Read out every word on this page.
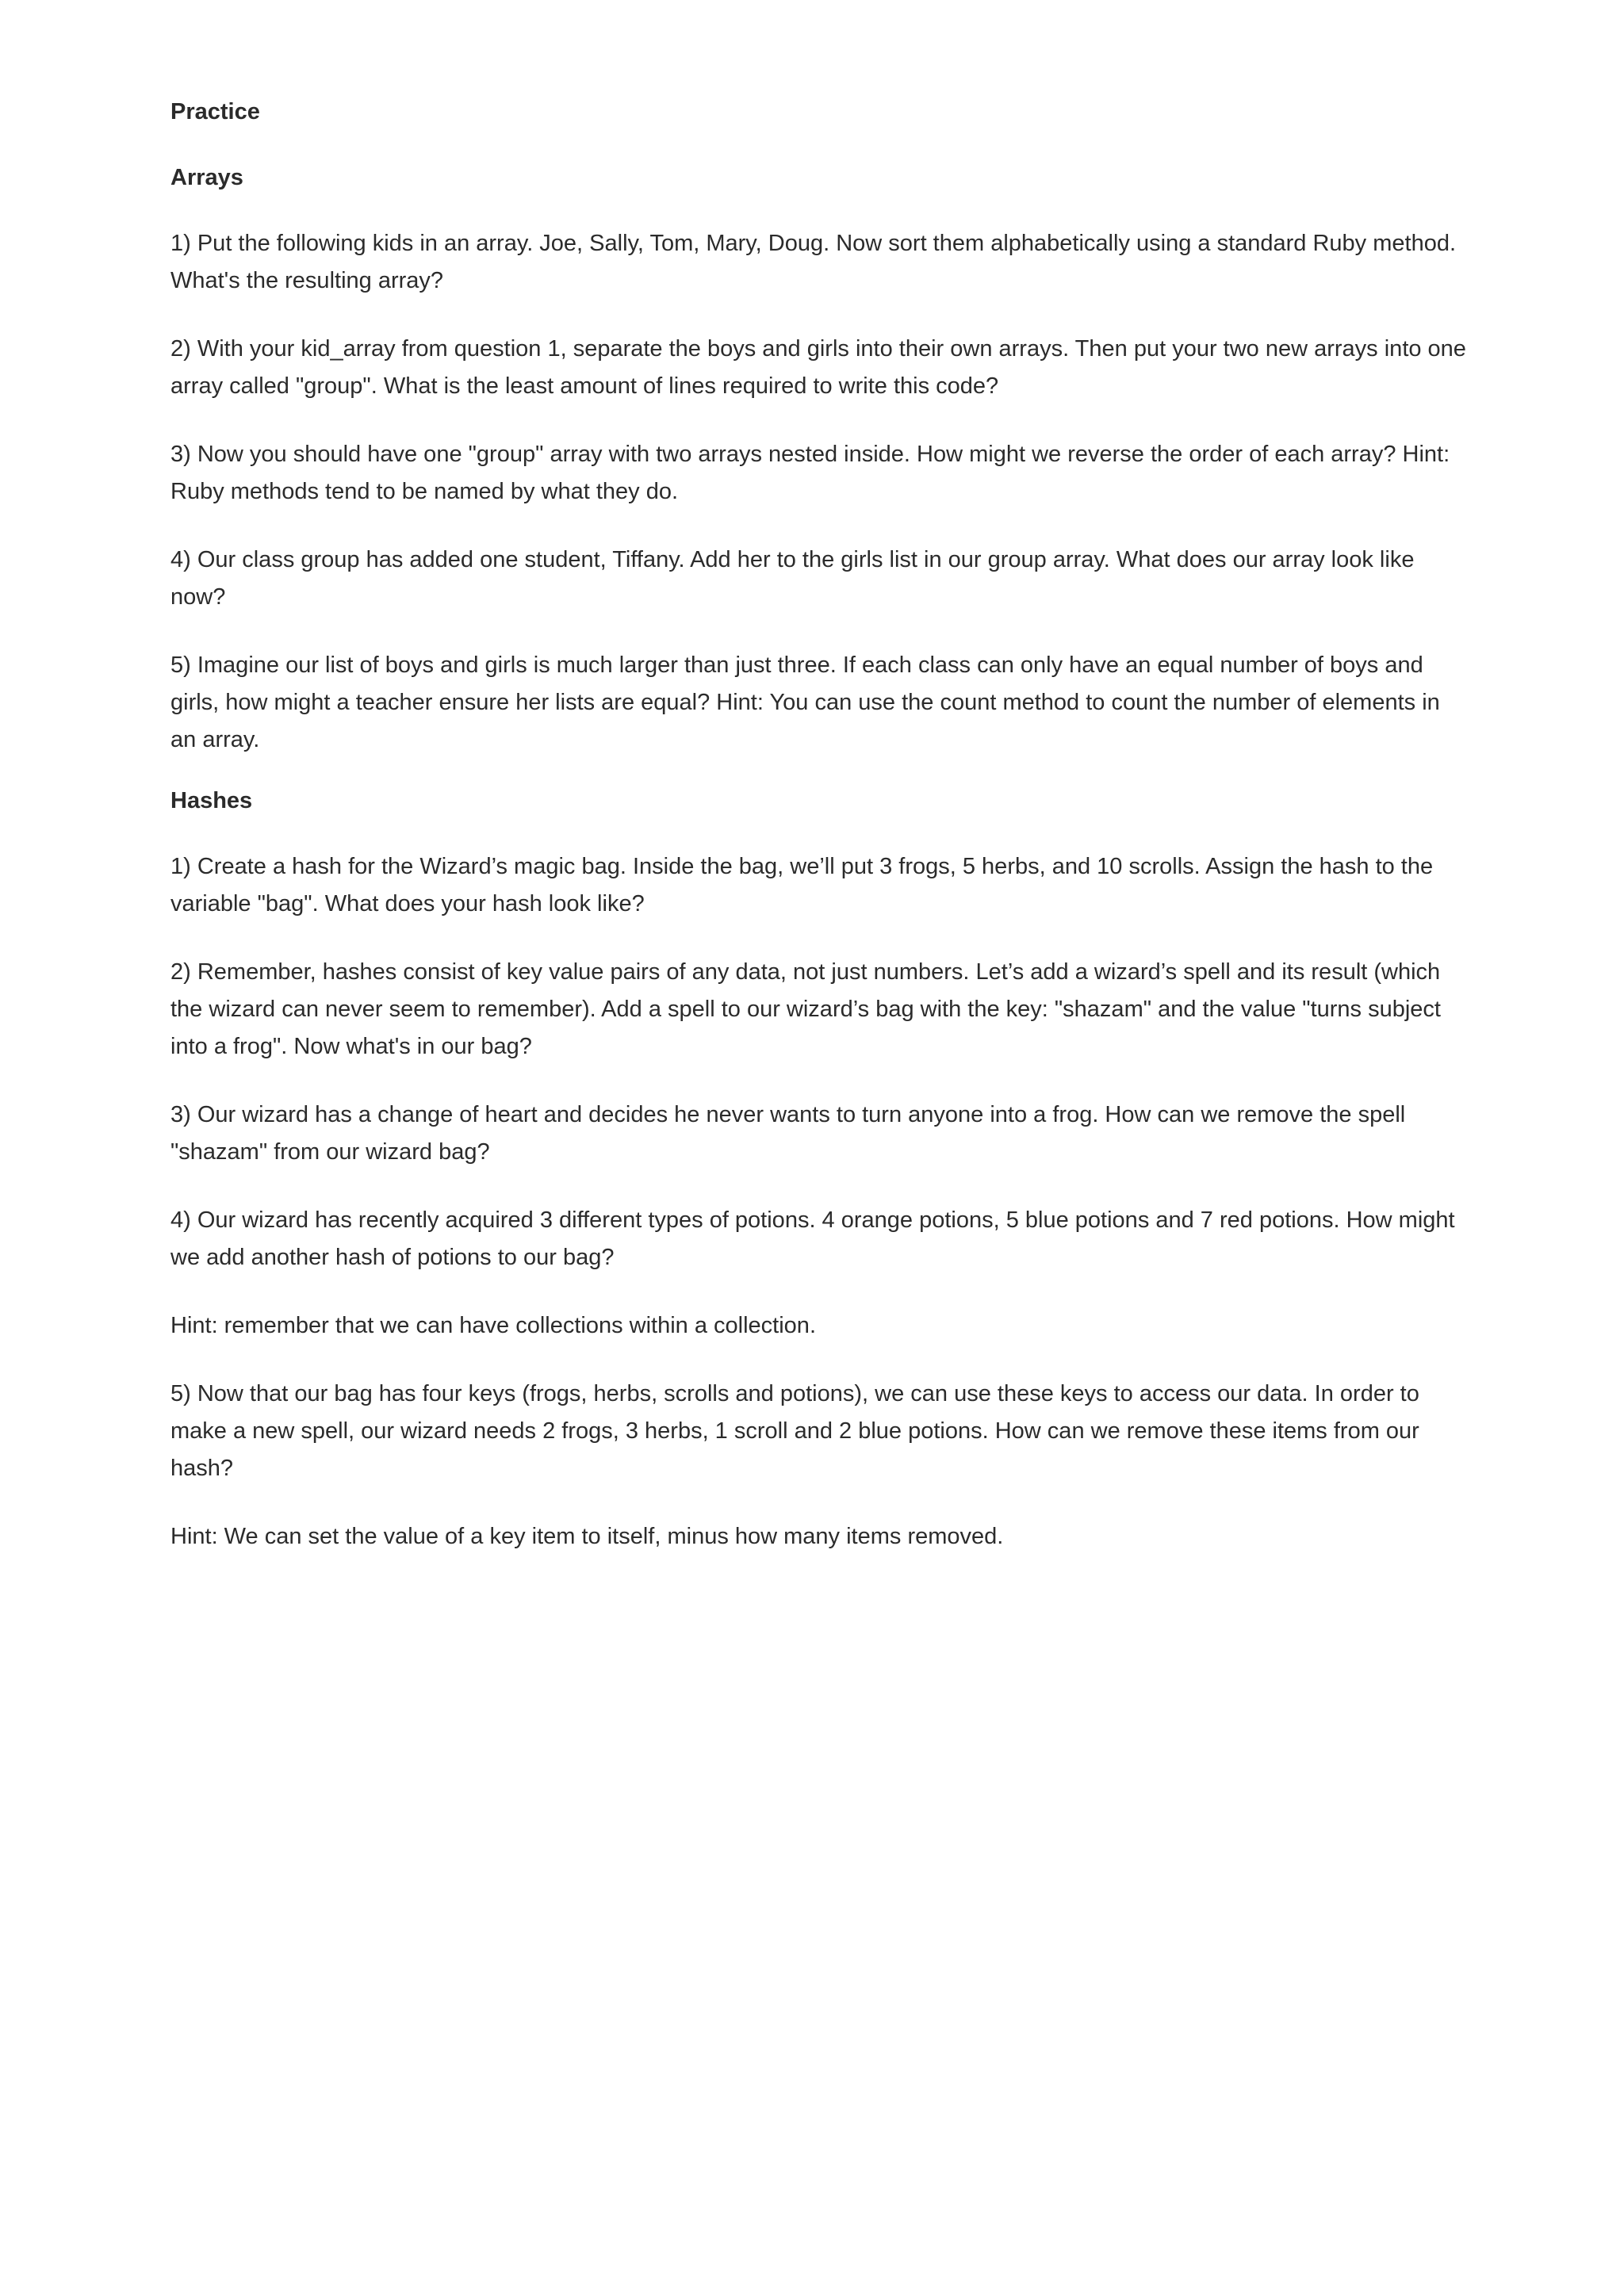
Practice
Arrays

1) Put the following kids in an array. Joe, Sally, Tom, Mary, Doug. Now sort them alphabetically using a standard Ruby method. What's the resulting array?

2) With your kid_array from question 1, separate the boys and girls into their own arrays. Then put your two new arrays into one array called "group". What is the least amount of lines required to write this code?

3) Now you should have one "group" array with two arrays nested inside. How might we reverse the order of each array? Hint: Ruby methods tend to be named by what they do.

4) Our class group has added one student, Tiffany. Add her to the girls list in our group array. What does our array look like now?

5) Imagine our list of boys and girls is much larger than just three. If each class can only have an equal number of boys and girls, how might a teacher ensure her lists are equal? Hint: You can use the count method to count the number of elements in an array.

Hashes

1) Create a hash for the Wizard’s magic bag. Inside the bag, we’ll put 3 frogs, 5 herbs, and 10 scrolls. Assign the hash to the variable "bag". What does your hash look like?

2) Remember, hashes consist of key value pairs of any data, not just numbers. Let’s add a wizard’s spell and its result (which the wizard can never seem to remember). Add a spell to our wizard’s bag with the key: "shazam" and the value "turns subject into a frog". Now what's in our bag?

3) Our wizard has a change of heart and decides he never wants to turn anyone into a frog. How can we remove the spell "shazam" from our wizard bag?

4) Our wizard has recently acquired 3 different types of potions. 4 orange potions, 5 blue potions and 7 red potions. How might we add another hash of potions to our bag?

Hint: remember that we can have collections within a collection.

5) Now that our bag has four keys (frogs, herbs, scrolls and potions), we can use these keys to access our data. In order to make a new spell, our wizard needs 2 frogs, 3 herbs, 1 scroll and 2 blue potions. How can we remove these items from our hash?

Hint: We can set the value of a key item to itself, minus how many items removed.
